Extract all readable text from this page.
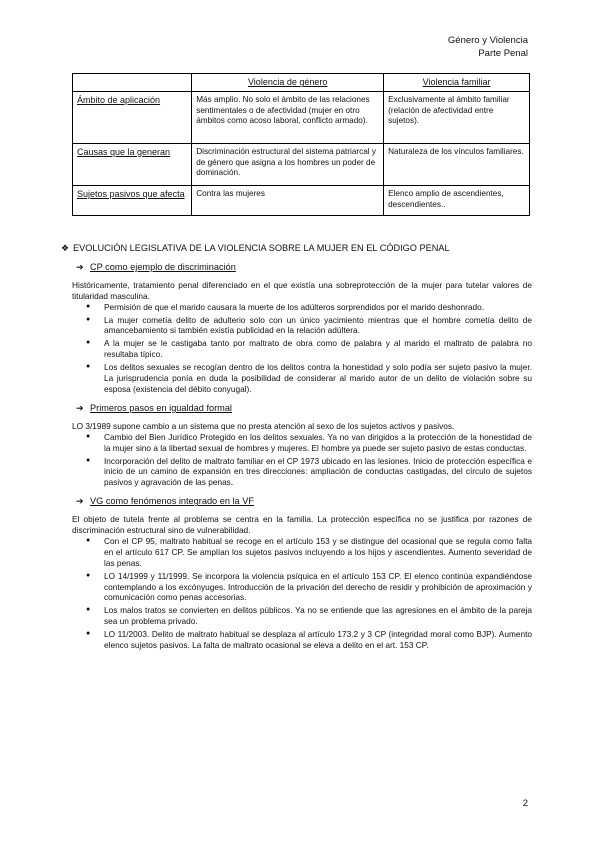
Género y Violencia
Parte Penal
	Violencia de género	Violencia familiar
Ámbito de aplicación	Más amplio. No solo el ámbito de las relaciones sentimentales o de afectividad (mujer en otro ámbitos como acoso laboral, conflicto armado).	Exclusivamente al ámbito familiar (relación de afectividad entre sujetos).
Causas que la generan	Discriminación estructural del sistema patriarcal y de género que asigna a los hombres un poder de dominación.	Naturaleza de los vínculos familiares.
Sujetos pasivos que afecta	Contra las mujeres	Elenco amplio de ascendientes, descendientes..
❖ EVOLUCIÓN LEGISLATIVA DE LA VIOLENCIA SOBRE LA MUJER EN EL CÓDIGO PENAL
➔ CP como ejemplo de discriminación

Históricamente, tratamiento penal diferenciado en el que existía una sobreprotección de la mujer para tutelar valores de titularidad masculina.

● Permisión de que el marido causara la muerte de los adúlteros sorprendidos por el marido deshonrado.
● La mujer cometía delito de adulterio solo con un único yacimiento mientras que el hombre cometía delito de amancebamiento si también existía publicidad en la relación adúltera.
● A la mujer se le castigaba tanto por maltrato de obra como de palabra y al marido el maltrato de palabra no resultaba típico.
● Los delitos sexuales se recogían dentro de los delitos contra la honestidad y solo podía ser sujeto pasivo la mujer. La jurisprudencia ponía en duda la posibilidad de considerar al marido autor de un delito de violación sobre su esposa (existencia del débito conyugal).
➔ Primeros pasos en igualdad formal

LO 3/1989 supone cambio a un sistema que no presta atención al sexo de los sujetos activos y pasivos.

● Cambio del Bien Jurídico Protegido en los delitos sexuales. Ya no van dirigidos a la protección de la honestidad de la mujer sino a la libertad sexual de hombres y mujeres. El hombre ya puede ser sujeto pasivo de estas conductas.
● Incorporación del delito de maltrato familiar en el CP 1973 ubicado en las lesiones. Inicio de protección específica e inicio de un camino de expansión en tres direcciones: ampliación de conductas castigadas, del círculo de sujetos pasivos y agravación de las penas.
➔ VG como fenómenos integrado en la VF

El objeto de tutela frente al problema se centra en la familia. La protección específica no se justifica por razones de discriminación estructural sino de vulnerabilidad.

● Con el CP 95, maltrato habitual se recoge en el artículo 153 y se distingue del ocasional que se regula como falta en el artículo 617 CP. Se amplían los sujetos pasivos incluyendo a los hijos y ascendientes. Aumento severidad de las penas.
● LO 14/1999 y 11/1999. Se incorpora la violencia psíquica en el artículo 153 CP. El elenco continúa expandiéndose contemplando a los excónyuges. Introducción de la privación del derecho de residir y prohibición de aproximación y comunicación como penas accesorias.
● Los malos tratos se convierten en delitos públicos. Ya no se entiende que las agresiones en el ámbito de la pareja sea un problema privado.
● LO 11/2003. Delito de maltrato habitual se desplaza al artículo 173.2 y 3 CP (integridad moral como BJP). Aumento elenco sujetos pasivos. La falta de maltrato ocasional se eleva a delito en el art. 153 CP.
2
